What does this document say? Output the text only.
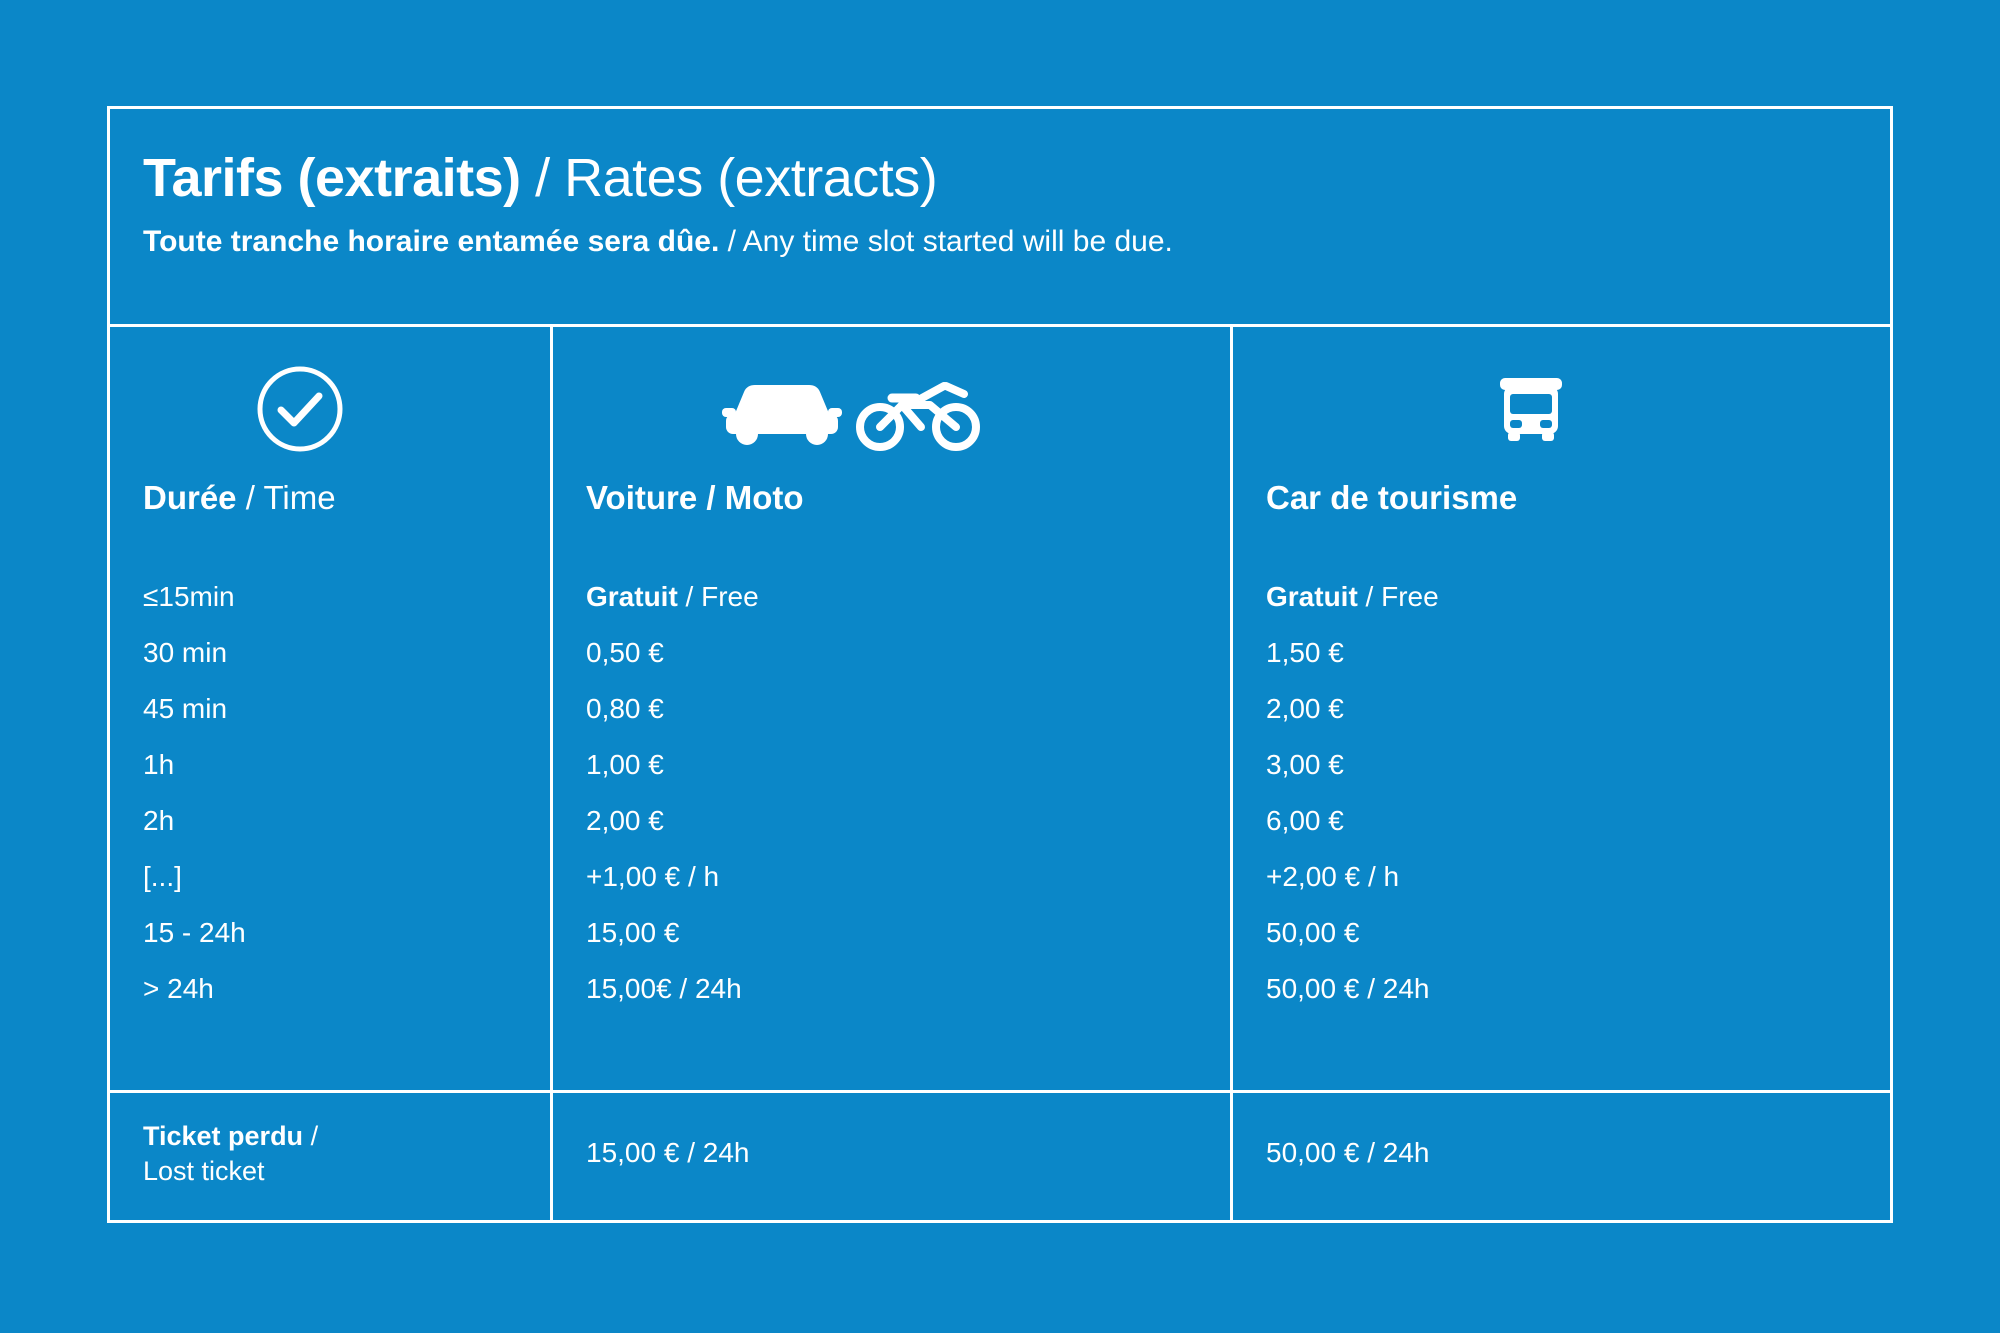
Tarifs (extraits) / Rates (extracts)
Toute tranche horaire entamée sera dûe. / Any time slot started will be due.
Durée / Time
≤15min
30 min
45 min
1h
2h
[...]
15 - 24h
> 24h
Voiture / Moto
Gratuit / Free
0,50 €
0,80 €
1,00 €
2,00 €
+1,00 € / h
15,00 €
15,00€ / 24h
Car de tourisme
Gratuit / Free
1,50 €
2,00 €
3,00 €
6,00 €
+2,00 € / h
50,00 €
50,00 € / 24h
Ticket perdu /
Lost ticket
15,00 € / 24h	50,00 € / 24h
